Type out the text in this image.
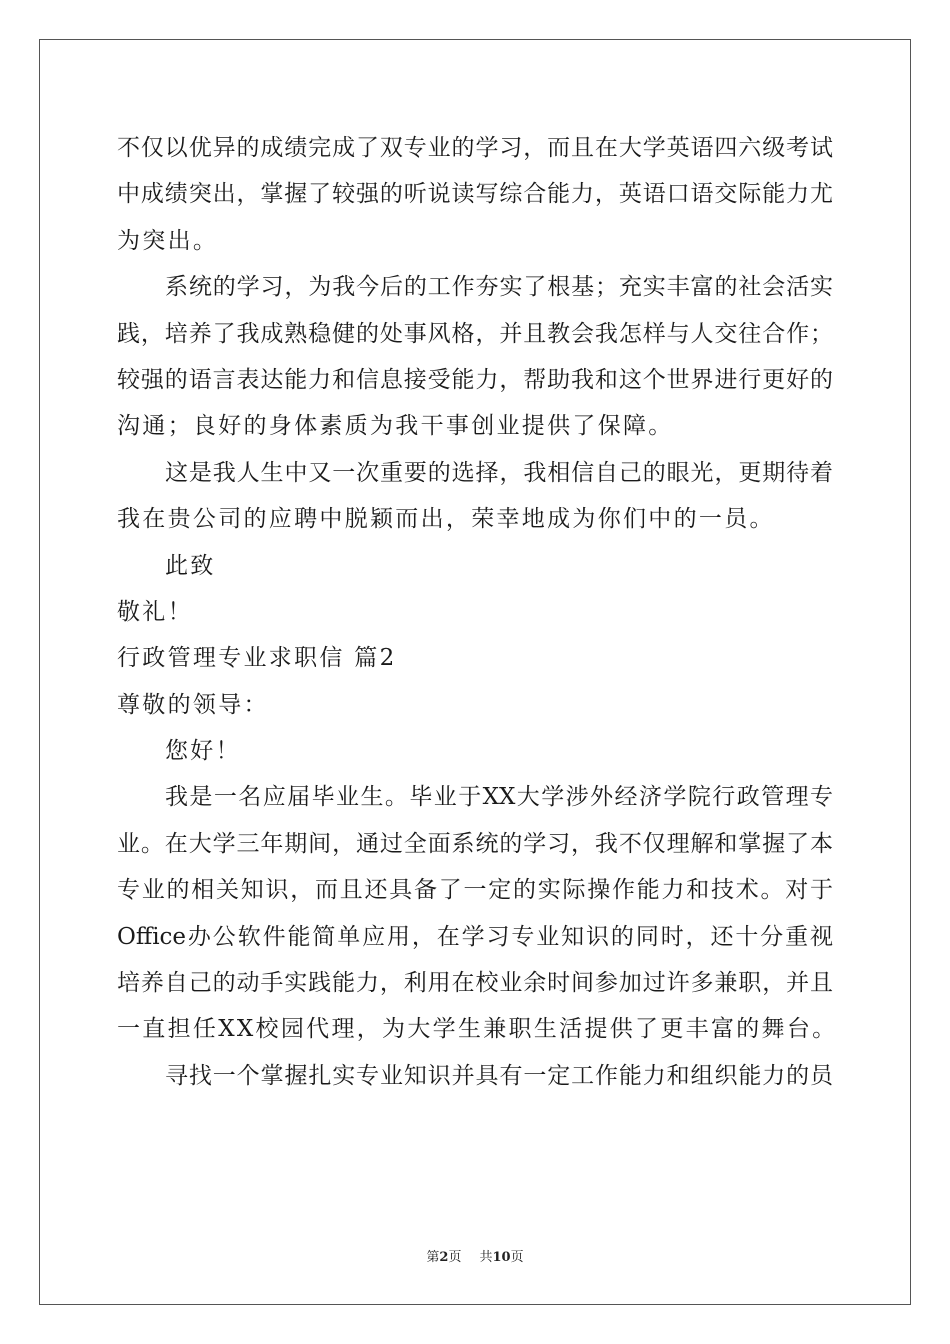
不仅以优异的成绩完成了双专业的学习，而且在大学英语四六级考试
中成绩突出，掌握了较强的听说读写综合能力，英语口语交际能力尤
为突出。
系统的学习，为我今后的工作夯实了根基；充实丰富的社会活实
践，培养了我成熟稳健的处事风格，并且教会我怎样与人交往合作；
较强的语言表达能力和信息接受能力，帮助我和这个世界进行更好的
沟通；良好的身体素质为我干事创业提供了保障。
这是我人生中又一次重要的选择，我相信自己的眼光，更期待着
我在贵公司的应聘中脱颖而出，荣幸地成为你们中的一员。
此致
敬礼！
行政管理专业求职信 篇2
尊敬的领导：
您好！
我是一名应届毕业生。毕业于XX大学涉外经济学院行政管理专
业。在大学三年期间，通过全面系统的学习，我不仅理解和掌握了本
专业的相关知识，而且还具备了一定的实际操作能力和技术。对于
Office办公软件能简单应用，在学习专业知识的同时，还十分重视
培养自己的动手实践能力，利用在校业余时间参加过许多兼职，并且
一直担任XX校园代理，为大学生兼职生活提供了更丰富的舞台。
寻找一个掌握扎实专业知识并具有一定工作能力和组织能力的员
第2页 共10页
